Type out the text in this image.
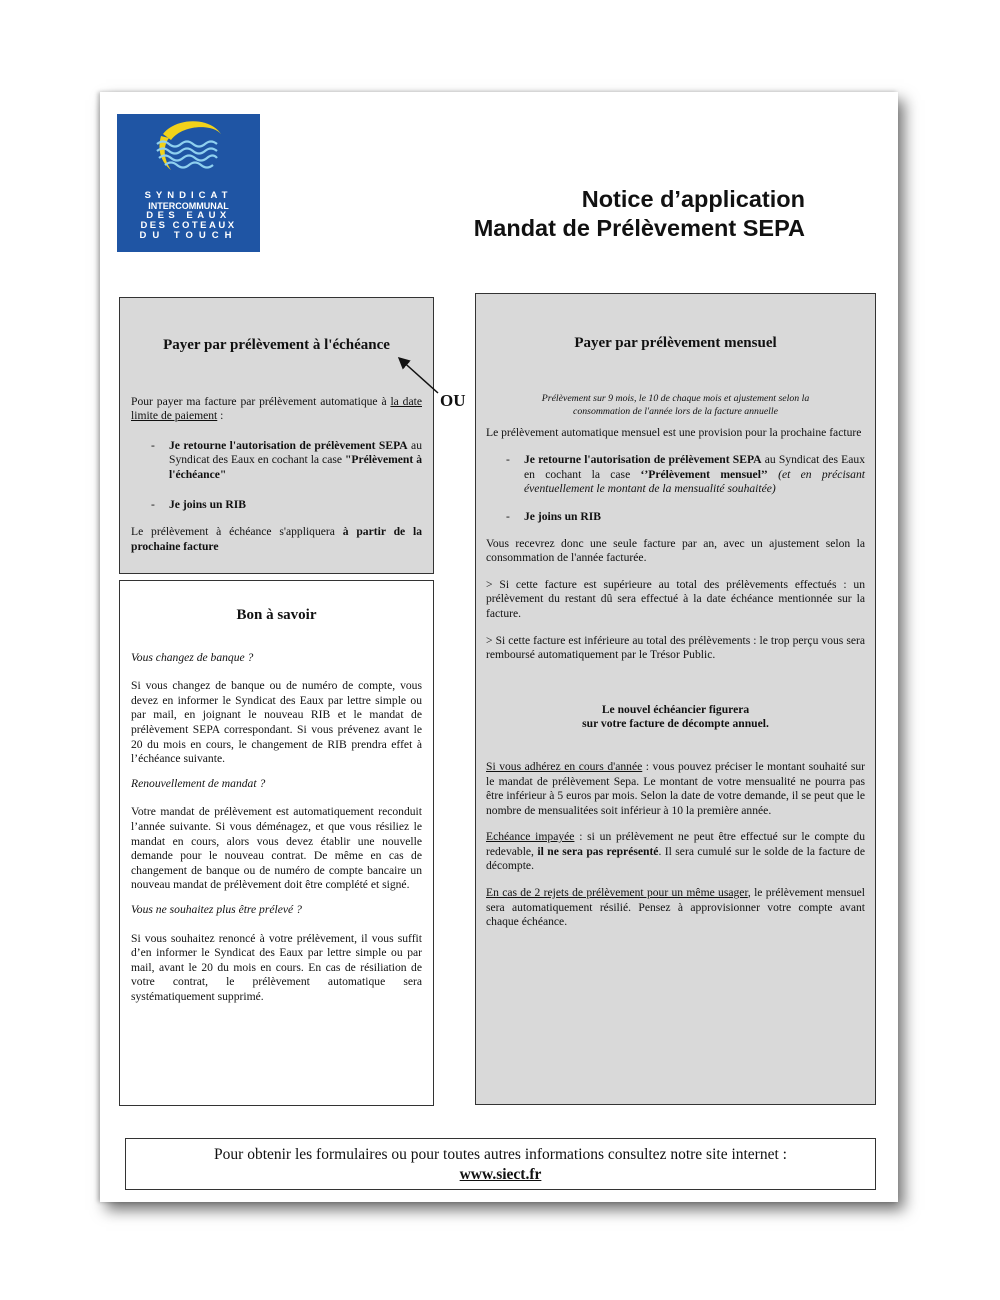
SYNDICAT
INTERCOMMUNAL
DES EAUX
DES COTEAUX
DU TOUCH
Notice d’application
Mandat de Prélèvement SEPA

Payer par prélèvement à l'échéance

Pour payer ma facture par prélèvement automatique à la date limite de paiement :

- Je retourne l'autorisation de prélèvement SEPA au Syndicat des Eaux en cochant la case "Prélèvement à l'échéance"
- Je joins un RIB

Le prélèvement à échéance s'appliquera à partir de la prochaine facture

OU

Bon à savoir

Vous changez de banque ?

Si vous changez de banque ou de numéro de compte, vous devez en informer le Syndicat des Eaux par lettre simple ou par mail, en joignant le nouveau RIB et le mandat de prélèvement SEPA correspondant. Si vous prévenez avant le 20 du mois en cours, le changement de RIB prendra effet à l’échéance suivante.

Renouvellement de mandat ?

Votre mandat de prélèvement est automatiquement reconduit l’année suivante. Si vous déménagez, et que vous résiliez le mandat en cours, alors vous devez établir une nouvelle demande pour le nouveau contrat. De même en cas de changement de banque ou de numéro de compte bancaire un nouveau mandat de prélèvement doit être complété et signé.

Vous ne souhaitez plus être prélevé ?

Si vous souhaitez renoncé à votre prélèvement, il vous suffit d’en informer le Syndicat des Eaux par lettre simple ou par mail, avant le 20 du mois en cours. En cas de résiliation de votre contrat, le prélèvement automatique sera systématiquement supprimé.

Payer par prélèvement mensuel

Prélèvement sur 9 mois, le 10 de chaque mois et ajustement selon la consommation de l'année lors de la facture annuelle

Le prélèvement automatique mensuel est une provision pour la prochaine facture

- Je retourne l'autorisation de prélèvement SEPA au Syndicat des Eaux en cochant la case ‘’Prélèvement mensuel’’ (et en précisant éventuellement le montant de la mensualité souhaitée)
- Je joins un RIB

Vous recevrez donc une seule facture par an, avec un ajustement selon la consommation de l'année facturée.

> Si cette facture est supérieure au total des prélèvements effectués : un prélèvement du restant dû sera effectué à la date échéance mentionnée sur la facture.

> Si cette facture est inférieure au total des prélèvements : le trop perçu vous sera remboursé automatiquement par le Trésor Public.

Le nouvel échéancier figurera
sur votre facture de décompte annuel.

Si vous adhérez en cours d'année : vous pouvez préciser le montant souhaité sur le mandat de prélèvement Sepa. Le montant de votre mensualité ne pourra pas être inférieur à 5 euros par mois. Selon la date de votre demande, il se peut que le nombre de mensualitées soit inférieur à 10 la première année.

Echéance impayée : si un prélèvement ne peut être effectué sur le compte du redevable, il ne sera pas représenté. Il sera cumulé sur le solde de la facture de décompte.

En cas de 2 rejets de prélèvement pour un même usager, le prélèvement mensuel sera automatiquement résilié. Pensez à approvisionner votre compte avant chaque échéance.

Pour obtenir les formulaires ou pour toutes autres informations consultez notre site internet :
www.siect.fr
